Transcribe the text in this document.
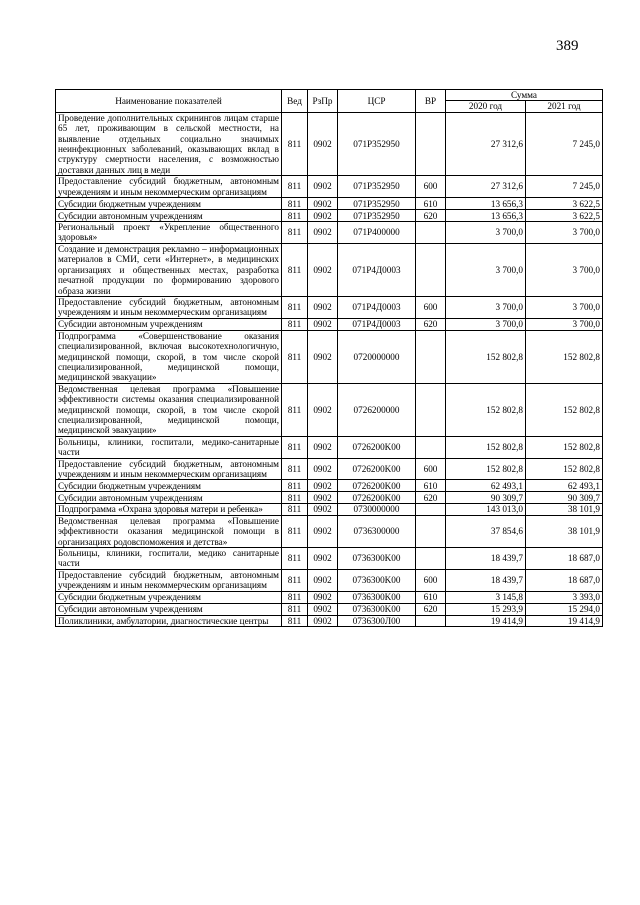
389
Наименование показателей	Вед	РзПр	ЦСР	ВР	Сумма	
					2020 год	2021 год
Проведение дополнительных скринингов лицам старше 65 лет, проживающим в сельской местности, на выявление отдельных социально значимых неинфекционных заболеваний, оказывающих вклад в структуру смертности населения, с возможностью доставки данных лиц в меди	811	0902	071P352950		27 312,6	7 245,0
Предоставление субсидий бюджетным, автономным учреждениям и иным некоммерческим организациям	811	0902	071P352950	600	27 312,6	7 245,0
Субсидии бюджетным учреждениям	811	0902	071P352950	610	13 656,3	3 622,5
Субсидии автономным учреждениям	811	0902	071P352950	620	13 656,3	3 622,5
Региональный проект «Укрепление общественного здоровья»	811	0902	071P400000		3 700,0	3 700,0
Создание и демонстрация рекламно – информационных материалов в СМИ, сети «Интернет», в медицинских организациях и общественных местах, разработка печатной продукции по формированию здорового образа жизни	811	0902	071P4Д0003		3 700,0	3 700,0
Предоставление субсидий бюджетным, автономным учреждениям и иным некоммерческим организациям	811	0902	071P4Д0003	600	3 700,0	3 700,0
Субсидии автономным учреждениям	811	0902	071P4Д0003	620	3 700,0	3 700,0
Подпрограмма «Совершенствование оказания специализированной, включая высокотехнологичную, медицинской помощи, скорой, в том числе скорой специализированной, медицинской помощи, медицинской эвакуации»	811	0902	0720000000		152 802,8	152 802,8
Ведомственная целевая программа «Повышение эффективности системы оказания специализированной медицинской помощи, скорой, в том числе скорой специализированной, медицинской помощи, медицинской эвакуации»	811	0902	0726200000		152 802,8	152 802,8
Больницы, клиники, госпитали, медико-санитарные части	811	0902	0726200K00		152 802,8	152 802,8
Предоставление субсидий бюджетным, автономным учреждениям и иным некоммерческим организациям	811	0902	0726200K00	600	152 802,8	152 802,8
Субсидии бюджетным учреждениям	811	0902	0726200K00	610	62 493,1	62 493,1
Субсидии автономным учреждениям	811	0902	0726200K00	620	90 309,7	90 309,7
Подпрограмма «Охрана здоровья матери и ребенка»	811	0902	0730000000		143 013,0	38 101,9
Ведомственная целевая программа «Повышение эффективности оказания медицинской помощи в организациях родовспоможения и детства»	811	0902	0736300000		37 854,6	38 101,9
Больницы, клиники, госпитали, медико санитарные части	811	0902	0736300K00		18 439,7	18 687,0
Предоставление субсидий бюджетным, автономным учреждениям и иным некоммерческим организациям	811	0902	0736300K00	600	18 439,7	18 687,0
Субсидии бюджетным учреждениям	811	0902	0736300K00	610	3 145,8	3 393,0
Субсидии автономным учреждениям	811	0902	0736300K00	620	15 293,9	15 294,0
Поликлиники, амбулатории, диагностические центры	811	0902	0736300Л00		19 414,9	19 414,9
